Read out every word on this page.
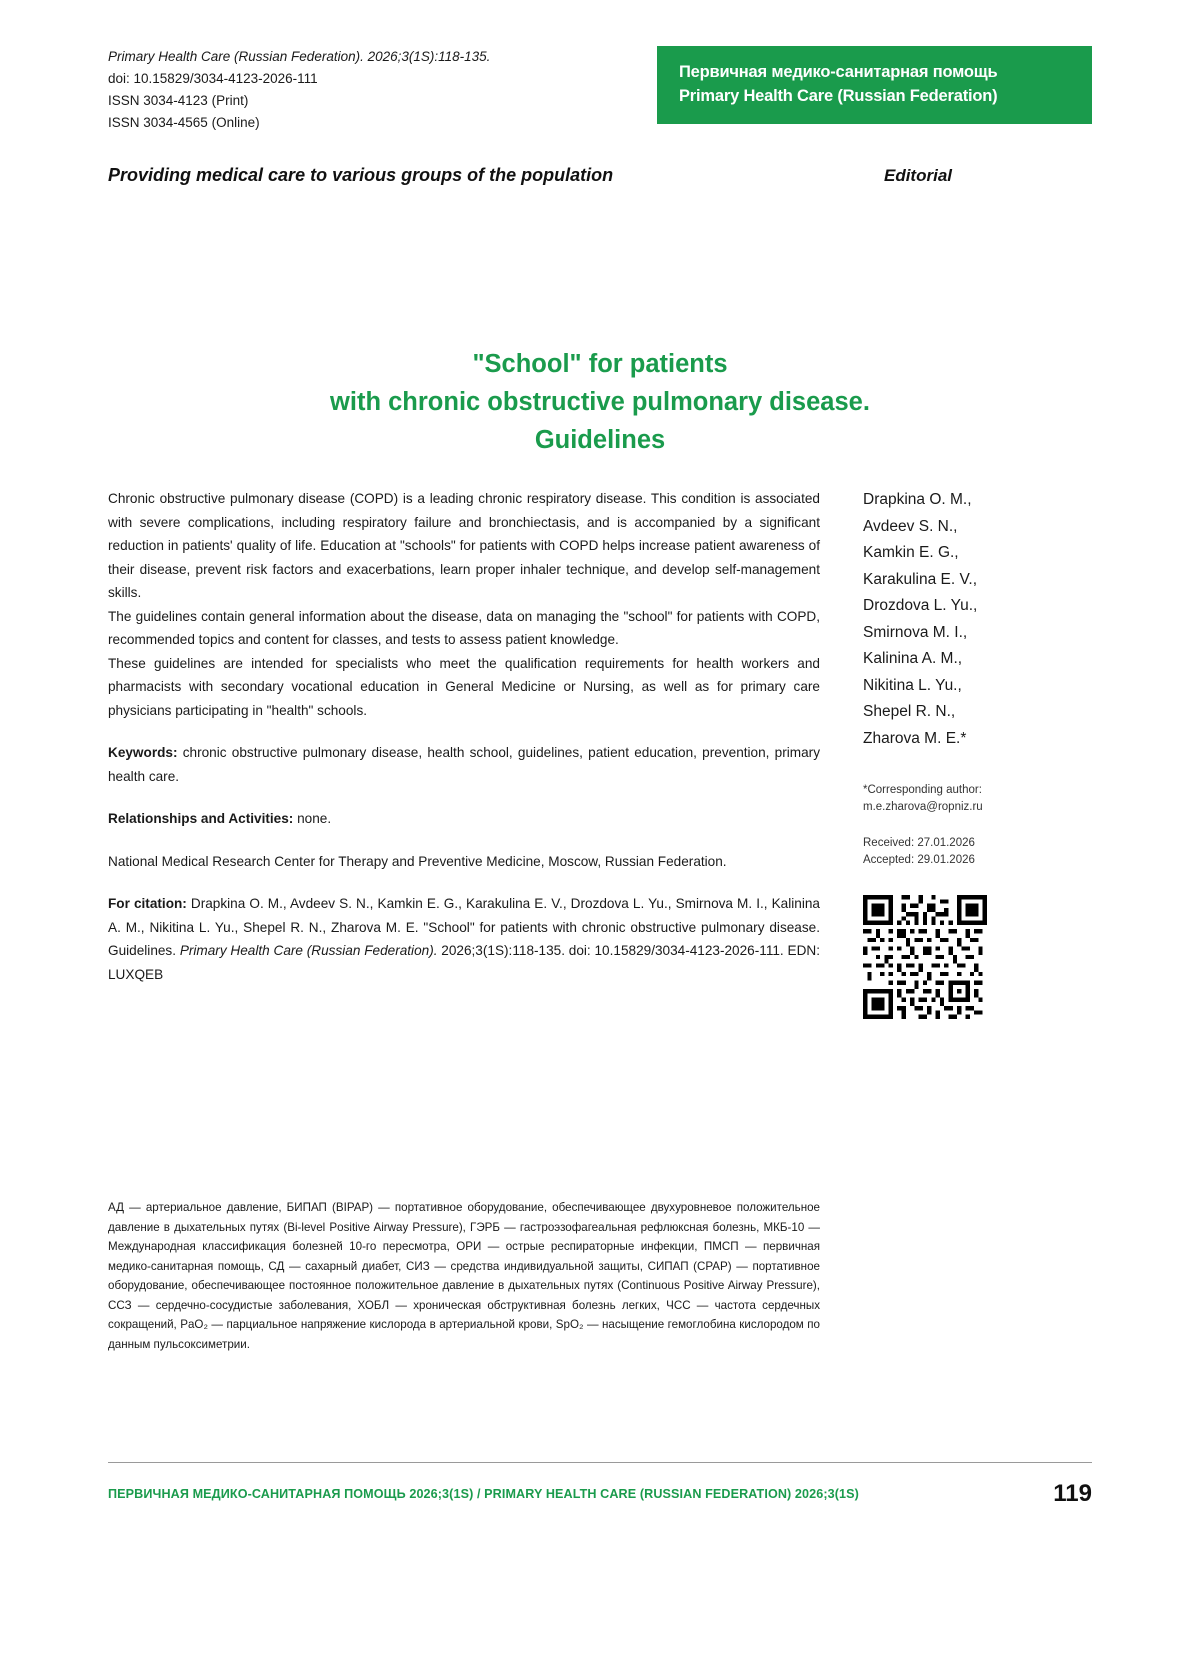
Primary Health Care (Russian Federation). 2026;3(1S):118-135.
doi: 10.15829/3034-4123-2026-111
ISSN 3034-4123 (Print)
ISSN 3034-4565 (Online)
Первичная медико-санитарная помощь
Primary Health Care (Russian Federation)
Providing medical care to various groups of the population	Editorial
"School" for patients
with chronic obstructive pulmonary disease.
Guidelines
Drapkina O. M.,
Avdeev S. N.,
Kamkin E. G.,
Karakulina E. V.,
Drozdova L. Yu.,
Smirnova M. I.,
Kalinina A. M.,
Nikitina L. Yu.,
Shepel R. N.,
Zharova M. E.*
*Corresponding author:
m.e.zharova@ropniz.ru
Received: 27.01.2026
Accepted: 29.01.2026

Chronic obstructive pulmonary disease (COPD) is a leading chronic respiratory disease. This condition is associated with severe complications, including respiratory failure and bronchiectasis, and is accompanied by a significant reduction in patients' quality of life. Education at "schools" for patients with COPD helps increase patient awareness of their disease, prevent risk factors and exacerbations, learn proper inhaler technique, and develop self-management skills.

The guidelines contain general information about the disease, data on managing the "school" for patients with COPD, recommended topics and content for classes, and tests to assess patient knowledge.

These guidelines are intended for specialists who meet the qualification requirements for health workers and pharmacists with secondary vocational education in General Medicine or Nursing, as well as for primary care physicians participating in "health" schools.

Keywords: chronic obstructive pulmonary disease, health school, guidelines, patient education, prevention, primary health care.

Relationships and Activities: none.

National Medical Research Center for Therapy and Preventive Medicine, Moscow, Russian Federation.

For citation: Drapkina O. M., Avdeev S. N., Kamkin E. G., Karakulina E. V., Drozdova L. Yu., Smirnova M. I., Kalinina A. M., Nikitina L. Yu., Shepel R. N., Zharova M. E. "School" for patients with chronic obstructive pulmonary disease. Guidelines. Primary Health Care (Russian Federation). 2026;3(1S):118-135. doi: 10.15829/3034-4123-2026-111. EDN: LUXQEB

АД — артериальное давление, БИПАП (BIPAP) — портативное оборудование, обеспечивающее двухуровневое положительное давление в дыхательных путях (Bi-level Positive Airway Pressure), ГЭРБ — гастроэзофагеальная рефлюксная болезнь, МКБ-10 — Международная классификация болезней 10-го пересмотра, ОРИ — острые респираторные инфекции, ПМСП — первичная медико-санитарная помощь, СД — сахарный диабет, СИЗ — средства индивидуальной защиты, СИПАП (CPAP) — портативное оборудование, обеспечивающее постоянное положительное давление в дыхательных путях (Continuous Positive Airway Pressure), ССЗ — сердечно-сосудистые заболевания, ХОБЛ — хроническая обструктивная болезнь легких, ЧСС — частота сердечных сокращений, PaO₂ — парциальное напряжение кислорода в артериальной крови, SpO₂ — насыщение гемоглобина кислородом по данным пульсоксиметрии.
ПЕРВИЧНАЯ МЕДИКО-САНИТАРНАЯ ПОМОЩЬ 2026;3(1S) / PRIMARY HEALTH CARE (RUSSIAN FEDERATION) 2026;3(1S)	119
